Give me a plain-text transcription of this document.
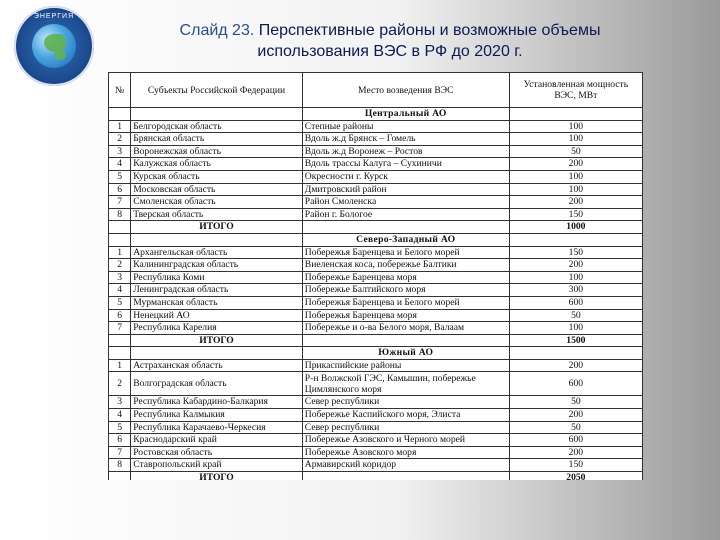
ЭНЕРГИЯ
Слайд 23. Перспективные районы и возможные объемы
использования ВЭС в РФ до 2020 г.
№	Субъекты Российской Федерации	Место возведения ВЭС	Установленная мощность ВЭС, МВт
		Центральный АО	
1	Белгородская область	Степные районы	100
2	Брянская область	Вдоль ж.д Брянск – Гомель	100
3	Воронежская область	Вдоль ж.д Воронеж – Ростов	50
4	Калужская область	Вдоль трассы Калуга – Сухиничи	200
5	Курская область	Окресности г. Курск	100
6	Московская область	Дмитровский район	100
7	Смоленская область	Район Смоленска	200
8	Тверская область	Район г. Бологое	150
	ИТОГО		1000
		Северо-Западный АО	
1	Архангельская область	Побережья Баренцева и Белого морей	150
2	Калининградская область	Виеленская коса, побережье Балтики	200
3	Республика Коми	Побережье Баренцева моря	100
4	Ленинградская область	Побережье Балтийского моря	300
5	Мурманская область	Побережья Баренцева и Белого морей	600
6	Ненецкий АО	Побережья Баренцева моря	50
7	Республика Карелия	Побережье и о-ва Белого моря, Валаам	100
	ИТОГО		1500
		Южный АО	
1	Астраханская область	Прикаспийские районы	200
2	Волгоградская область	Р-н Волжской ГЭС, Камышин, побережье Цимлянского моря	600
3	Республика Кабардино-Балкария	Север республики	50
4	Республика Калмыкия	Побережье Каспийского моря, Элиста	200
5	Республика Карачаево-Черкесия	Север республики	50
6	Краснодарский край	Побережье Азовского и Черного морей	600
7	Ростовская область	Побережье Азовского моря	200
8	Ставропольский край	Армавирский коридор	150
	ИТОГО		2050
